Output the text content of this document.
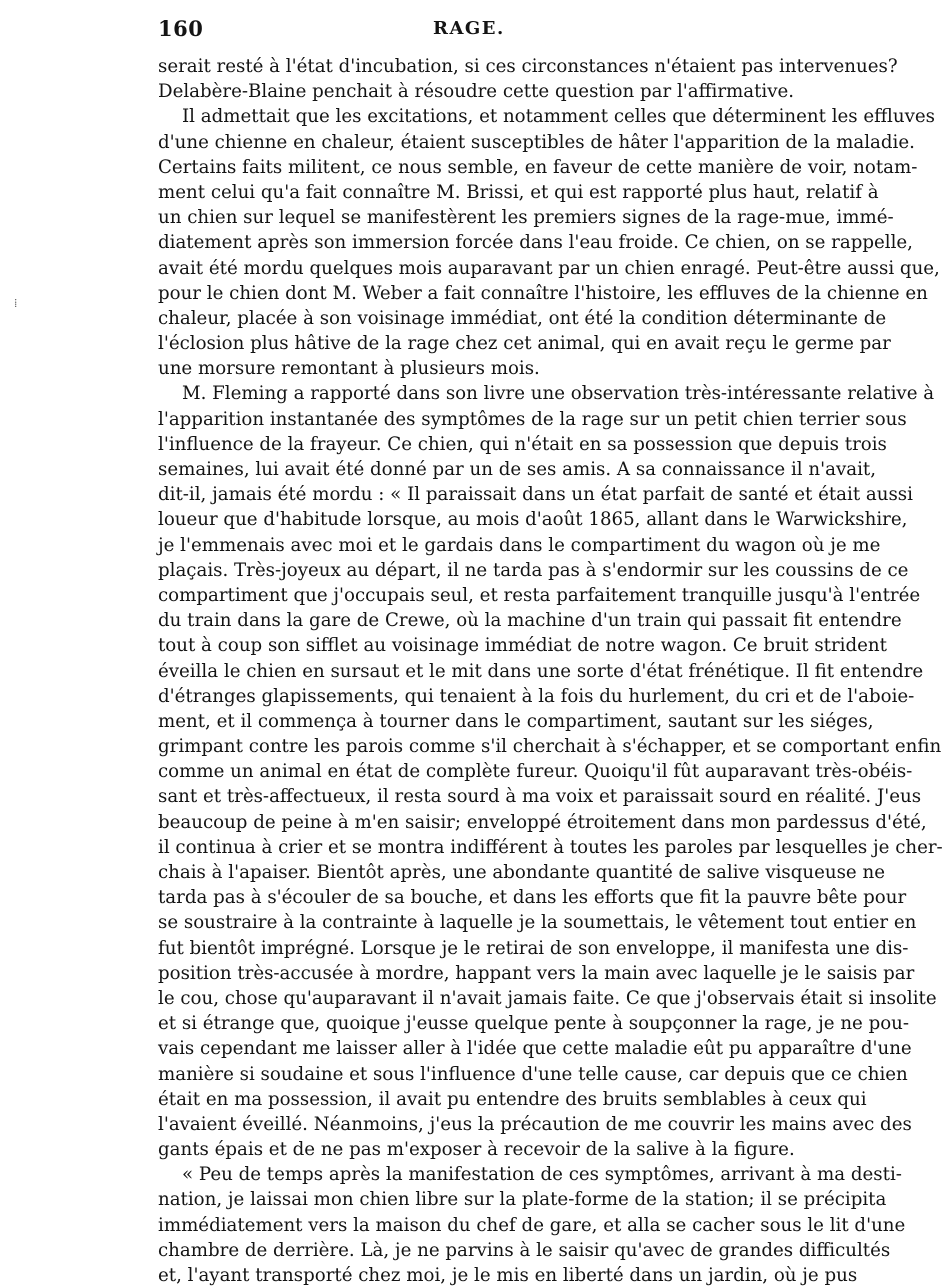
160	RAGE.
⁞
serait resté à l'état d'incubation, si ces circonstances n'étaient pas intervenues?
Delabère-Blaine penchait à résoudre cette question par l'affirmative.
Il admettait que les excitations, et notamment celles que déterminent les effluves
d'une chienne en chaleur, étaient susceptibles de hâter l'apparition de la maladie.
Certains faits militent, ce nous semble, en faveur de cette manière de voir, notam-
ment celui qu'a fait connaître M. Brissi, et qui est rapporté plus haut, relatif à
un chien sur lequel se manifestèrent les premiers signes de la rage-mue, immé-
diatement après son immersion forcée dans l'eau froide. Ce chien, on se rappelle,
avait été mordu quelques mois auparavant par un chien enragé. Peut-être aussi que,
pour le chien dont M. Weber a fait connaître l'histoire, les effluves de la chienne en
chaleur, placée à son voisinage immédiat, ont été la condition déterminante de
l'éclosion plus hâtive de la rage chez cet animal, qui en avait reçu le germe par
une morsure remontant à plusieurs mois.
M. Fleming a rapporté dans son livre une observation très-intéressante relative à
l'apparition instantanée des symptômes de la rage sur un petit chien terrier sous
l'influence de la frayeur. Ce chien, qui n'était en sa possession que depuis trois
semaines, lui avait été donné par un de ses amis. A sa connaissance il n'avait,
dit-il, jamais été mordu : « Il paraissait dans un état parfait de santé et était aussi
loueur que d'habitude lorsque, au mois d'août 1865, allant dans le Warwickshire,
je l'emmenais avec moi et le gardais dans le compartiment du wagon où je me
plaçais. Très-joyeux au départ, il ne tarda pas à s'endormir sur les coussins de ce
compartiment que j'occupais seul, et resta parfaitement tranquille jusqu'à l'entrée
du train dans la gare de Crewe, où la machine d'un train qui passait fit entendre
tout à coup son sifflet au voisinage immédiat de notre wagon. Ce bruit strident
éveilla le chien en sursaut et le mit dans une sorte d'état frénétique. Il fit entendre
d'étranges glapissements, qui tenaient à la fois du hurlement, du cri et de l'aboie-
ment, et il commença à tourner dans le compartiment, sautant sur les siéges,
grimpant contre les parois comme s'il cherchait à s'échapper, et se comportant enfin
comme un animal en état de complète fureur. Quoiqu'il fût auparavant très-obéis-
sant et très-affectueux, il resta sourd à ma voix et paraissait sourd en réalité. J'eus
beaucoup de peine à m'en saisir; enveloppé étroitement dans mon pardessus d'été,
il continua à crier et se montra indifférent à toutes les paroles par lesquelles je cher-
chais à l'apaiser. Bientôt après, une abondante quantité de salive visqueuse ne
tarda pas à s'écouler de sa bouche, et dans les efforts que fit la pauvre bête pour
se soustraire à la contrainte à laquelle je la soumettais, le vêtement tout entier en
fut bientôt imprégné. Lorsque je le retirai de son enveloppe, il manifesta une dis-
position très-accusée à mordre, happant vers la main avec laquelle je le saisis par
le cou, chose qu'auparavant il n'avait jamais faite. Ce que j'observais était si insolite
et si étrange que, quoique j'eusse quelque pente à soupçonner la rage, je ne pou-
vais cependant me laisser aller à l'idée que cette maladie eût pu apparaître d'une
manière si soudaine et sous l'influence d'une telle cause, car depuis que ce chien
était en ma possession, il avait pu entendre des bruits semblables à ceux qui
l'avaient éveillé. Néanmoins, j'eus la précaution de me couvrir les mains avec des
gants épais et de ne pas m'exposer à recevoir de la salive à la figure.
« Peu de temps après la manifestation de ces symptômes, arrivant à ma desti-
nation, je laissai mon chien libre sur la plate-forme de la station; il se précipita
immédiatement vers la maison du chef de gare, et alla se cacher sous le lit d'une
chambre de derrière. Là, je ne parvins à le saisir qu'avec de grandes difficultés
et, l'ayant transporté chez moi, je le mis en liberté dans un jardin, où je pus
